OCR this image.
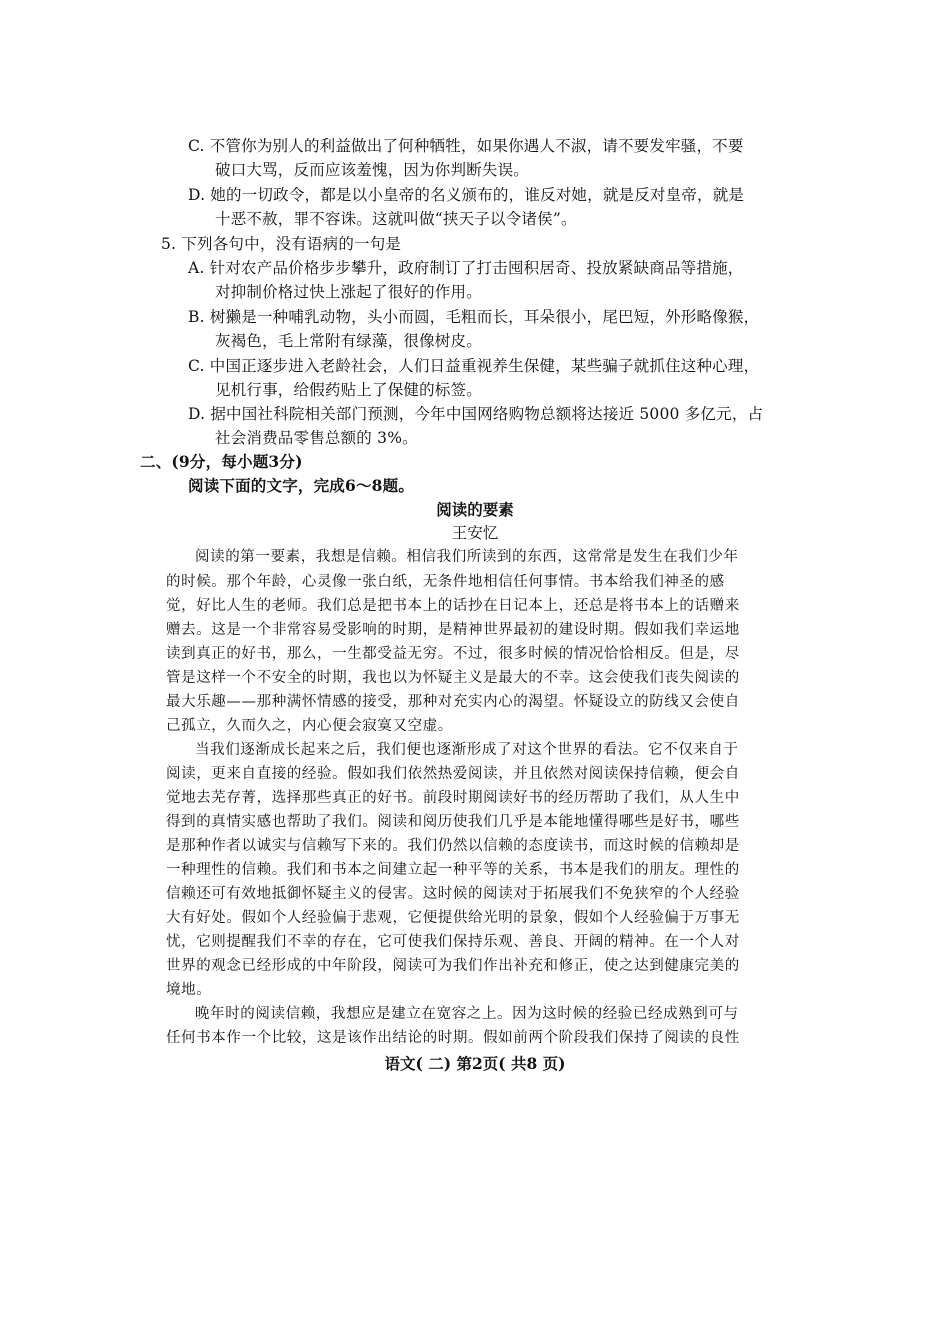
C. 不管你为别人的利益做出了何种牺牲，如果你遇人不淑，请不要发牢骚，不要
破口大骂，反而应该羞愧，因为你判断失误。
D. 她的一切政令，都是以小皇帝的名义颁布的，谁反对她，就是反对皇帝，就是
十恶不赦，罪不容诛。这就叫做“挟天子以令诸侯”。
5. 下列各句中，没有语病的一句是
A. 针对农产品价格步步攀升，政府制订了打击囤积居奇、投放紧缺商品等措施，
对抑制价格过快上涨起了很好的作用。
B. 树獭是一种哺乳动物，头小而圆，毛粗而长，耳朵很小，尾巴短，外形略像猴，
灰褐色，毛上常附有绿藻，很像树皮。
C. 中国正逐步进入老龄社会，人们日益重视养生保健，某些骗子就抓住这种心理，
见机行事，给假药贴上了保健的标签。
D. 据中国社科院相关部门预测，今年中国网络购物总额将达接近 5000 多亿元，占
社会消费品零售总额的 3%。
二、(9分，每小题3分)
阅读下面的文字，完成6～8题。
阅读的要素
王安忆
阅读的第一要素，我想是信赖。相信我们所读到的东西，这常常是发生在我们少年
的时候。那个年龄，心灵像一张白纸，无条件地相信任何事情。书本给我们神圣的感
觉，好比人生的老师。我们总是把书本上的话抄在日记本上，还总是将书本上的话赠来
赠去。这是一个非常容易受影响的时期，是精神世界最初的建设时期。假如我们幸运地
读到真正的好书，那么，一生都受益无穷。不过，很多时候的情况恰恰相反。但是，尽
管是这样一个不安全的时期，我也以为怀疑主义是最大的不幸。这会使我们丧失阅读的
最大乐趣——那种满怀情感的接受，那种对充实内心的渴望。怀疑设立的防线又会使自
己孤立，久而久之，内心便会寂寞又空虚。
当我们逐渐成长起来之后，我们便也逐渐形成了对这个世界的看法。它不仅来自于
阅读，更来自直接的经验。假如我们依然热爱阅读，并且依然对阅读保持信赖，便会自
觉地去芜存菁，选择那些真正的好书。前段时期阅读好书的经历帮助了我们，从人生中
得到的真情实感也帮助了我们。阅读和阅历使我们几乎是本能地懂得哪些是好书，哪些
是那种作者以诚实与信赖写下来的。我们仍然以信赖的态度读书，而这时候的信赖却是
一种理性的信赖。我们和书本之间建立起一种平等的关系，书本是我们的朋友。理性的
信赖还可有效地抵御怀疑主义的侵害。这时候的阅读对于拓展我们不免狭窄的个人经验
大有好处。假如个人经验偏于悲观，它便提供给光明的景象，假如个人经验偏于万事无
忧，它则提醒我们不幸的存在，它可使我们保持乐观、善良、开阔的精神。在一个人对
世界的观念已经形成的中年阶段，阅读可为我们作出补充和修正，使之达到健康完美的
境地。
晚年时的阅读信赖，我想应是建立在宽容之上。因为这时候的经验已经成熟到可与
任何书本作一个比较，这是该作出结论的时期。假如前两个阶段我们保持了阅读的良性
语文( 二) 第2页( 共8 页)
